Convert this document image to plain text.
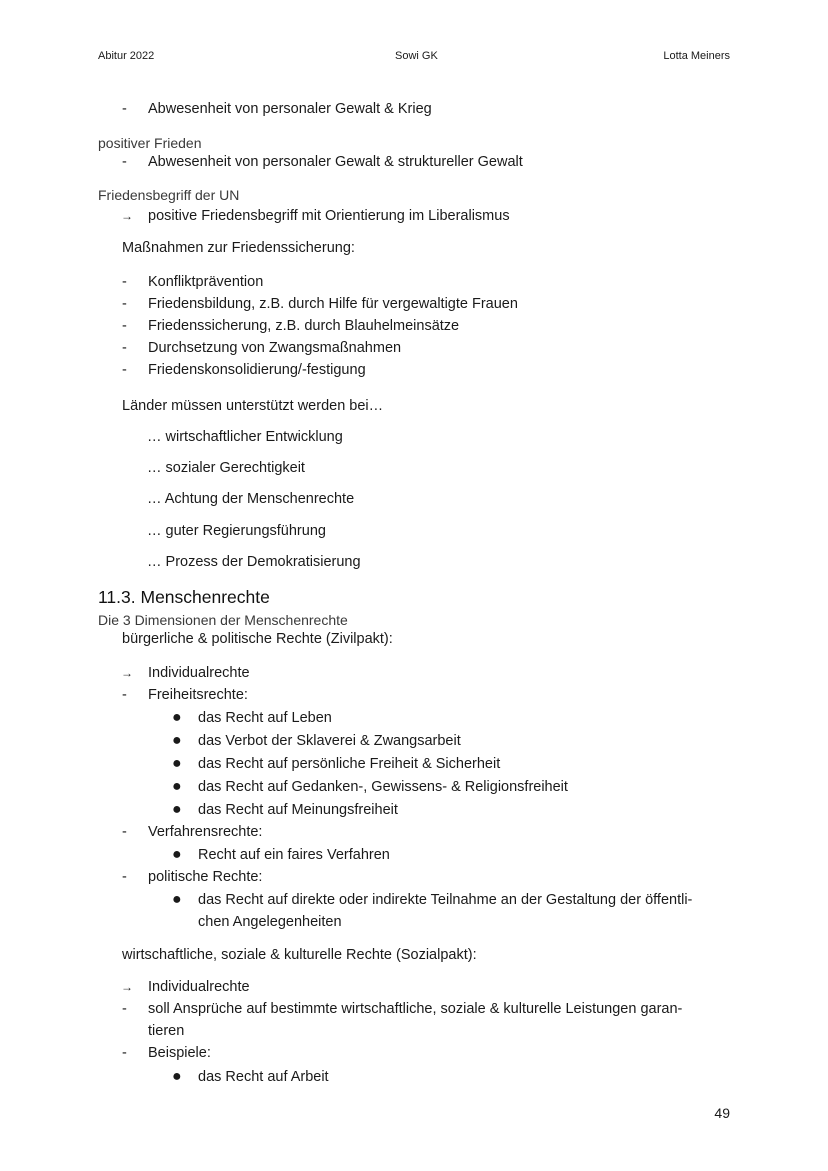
Abitur 2022	Sowi GK	Lotta Meiners
- Abwesenheit von personaler Gewalt & Krieg
positiver Frieden
- Abwesenheit von personaler Gewalt & struktureller Gewalt
Friedensbegriff der UN
→ positive Friedensbegriff mit Orientierung im Liberalismus
Maßnahmen zur Friedenssicherung:
- Konfliktprävention
- Friedensbildung, z.B. durch Hilfe für vergewaltigte Frauen
- Friedenssicherung, z.B. durch Blauhelmeinsätze
- Durchsetzung von Zwangsmaßnahmen
- Friedenskonsolidierung/-festigung
Länder müssen unterstützt werden bei…
… wirtschaftlicher Entwicklung
… sozialer Gerechtigkeit
… Achtung der Menschenrechte
… guter Regierungsführung
… Prozess der Demokratisierung
11.3. Menschenrechte
Die 3 Dimensionen der Menschenrechte
bürgerliche & politische Rechte (Zivilpakt):
→ Individualrechte
- Freiheitsrechte:
● das Recht auf Leben
● das Verbot der Sklaverei & Zwangsarbeit
● das Recht auf persönliche Freiheit & Sicherheit
● das Recht auf Gedanken-, Gewissens- & Religionsfreiheit
● das Recht auf Meinungsfreiheit
- Verfahrensrechte:
● Recht auf ein faires Verfahren
- politische Rechte:
● das Recht auf direkte oder indirekte Teilnahme an der Gestaltung der öffentli-
chen Angelegenheiten
wirtschaftliche, soziale & kulturelle Rechte (Sozialpakt):
→ Individualrechte
- soll Ansprüche auf bestimmte wirtschaftliche, soziale & kulturelle Leistungen garan-
tieren
- Beispiele:
● das Recht auf Arbeit
49
